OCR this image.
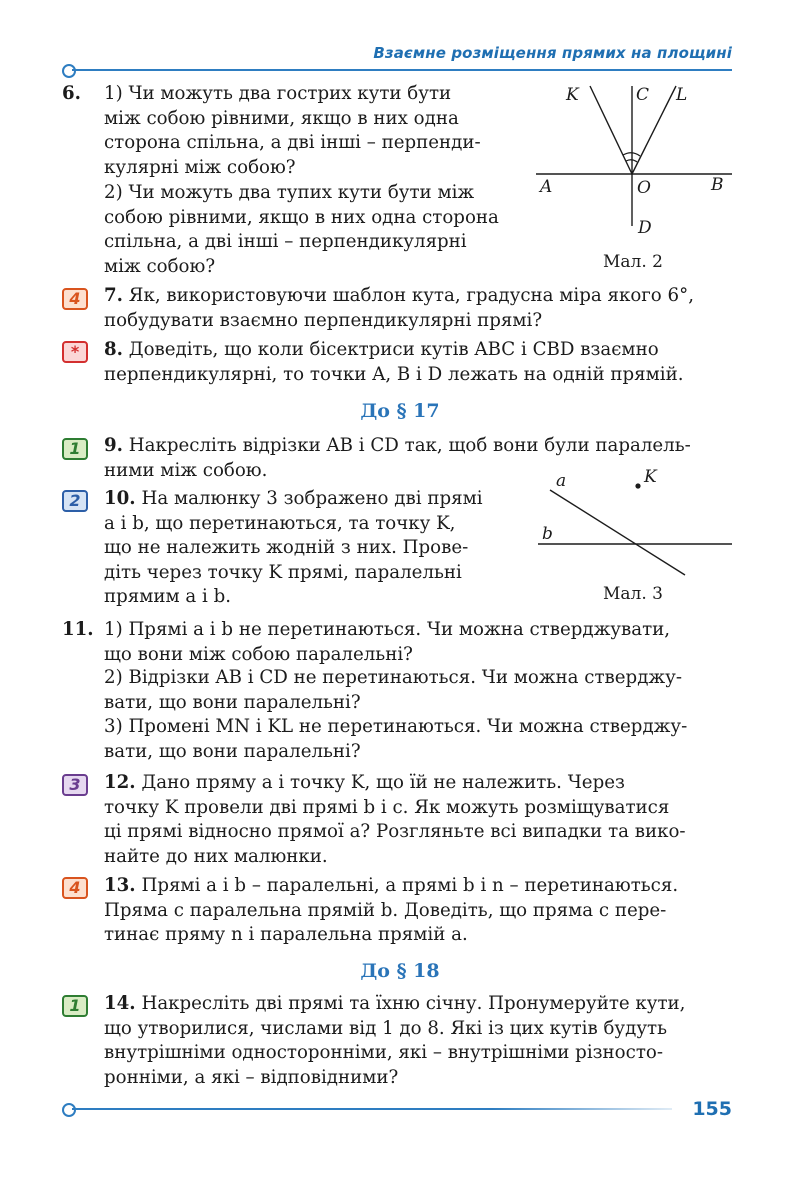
Взаємне розміщення прямих на площині
6. 1) Чи можуть два гострих кути бути
між собою рівними, якщо в них одна
сторона спільна, а дві інші – перпенди-
кулярні між собою?
2) Чи можуть два тупих кути бути між
собою рівними, якщо в них одна сторона
спільна, а дві інші – перпендикулярні
між собою?
K	C L
A	O	B
D
Мал. 2
4	7. Як, використовуючи шаблон кута, градусна міра якого 6°,
побудувати взаємно перпендикулярні прямі?
*	8. Доведіть, що коли бісектриси кутів ABC і CBD взаємно
перпендикулярні, то точки A, B і D лежать на одній прямій.
До § 17
1	9. Накресліть відрізки AB і CD так, щоб вони були паралель-
ними між собою.
2	10. На малюнку 3 зображено дві прямі
a і b, що перетинаються, та точку K,
що не належить жодній з них. Прове-
діть через точку K прямі, паралельні
прямим a і b.
a	K
b
Мал. 3
11. 1) Прямі a і b не перетинаються. Чи можна стверджувати,
що вони між собою паралельні?
2) Відрізки AB і CD не перетинаються. Чи можна стверджу-
вати, що вони паралельні?
3) Промені MN і KL не перетинаються. Чи можна стверджу-
вати, що вони паралельні?
3	12. Дано пряму a і точку K, що їй не належить. Через
точку K провели дві прямі b і c. Як можуть розміщуватися
ці прямі відносно прямої a? Розгляньте всі випадки та вико-
найте до них малюнки.
4	13. Прямі a і b – паралельні, а прямі b і n – перетинаються.
Пряма c паралельна прямій b. Доведіть, що пряма c пере-
тинає пряму n і паралельна прямій a.
До § 18
1	14. Накресліть дві прямі та їхню січну. Пронумеруйте кути,
що утворилися, числами від 1 до 8. Які із цих кутів будуть
внутрішніми односторонніми, які – внутрішніми різносто-
ронніми, а які – відповідними?
155
